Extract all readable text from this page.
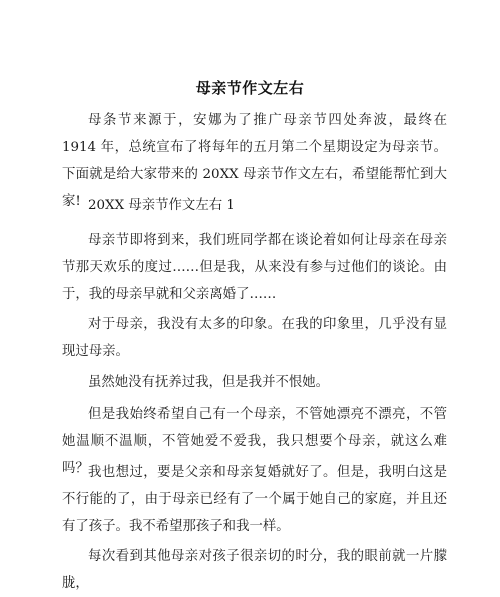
母亲节作文左右

母条节来源于，安娜为了推广母亲节四处奔波，最终在 1914 年，总统宣布了将每年的五月第二个星期设定为母亲节。下面就是给大家带来的 20XX 母亲节作文左右，希望能帮忙到大家! 20XX 母亲节作文左右 1

母亲节即将到来，我们班同学都在谈论着如何让母亲在母亲节那天欢乐的度过……但是我，从来没有参与过他们的谈论。由于，我的母亲早就和父亲离婚了……

对于母亲，我没有太多的印象。在我的印象里，几乎没有显现过母亲。

虽然她没有抚养过我，但是我并不恨她。

但是我始终希望自己有一个母亲，不管她漂亮不漂亮，不管她温顺不温顺，不管她爱不爱我，我只想要个母亲，就这么难吗？ 我也想过，要是父亲和母亲复婚就好了。但是，我明白这是不行能的了，由于母亲已经有了一个属于她自己的家庭，并且还有了孩子。我不希望那孩子和我一样。

每次看到其他母亲对孩子很亲切的时分，我的眼前就一片朦胧，
